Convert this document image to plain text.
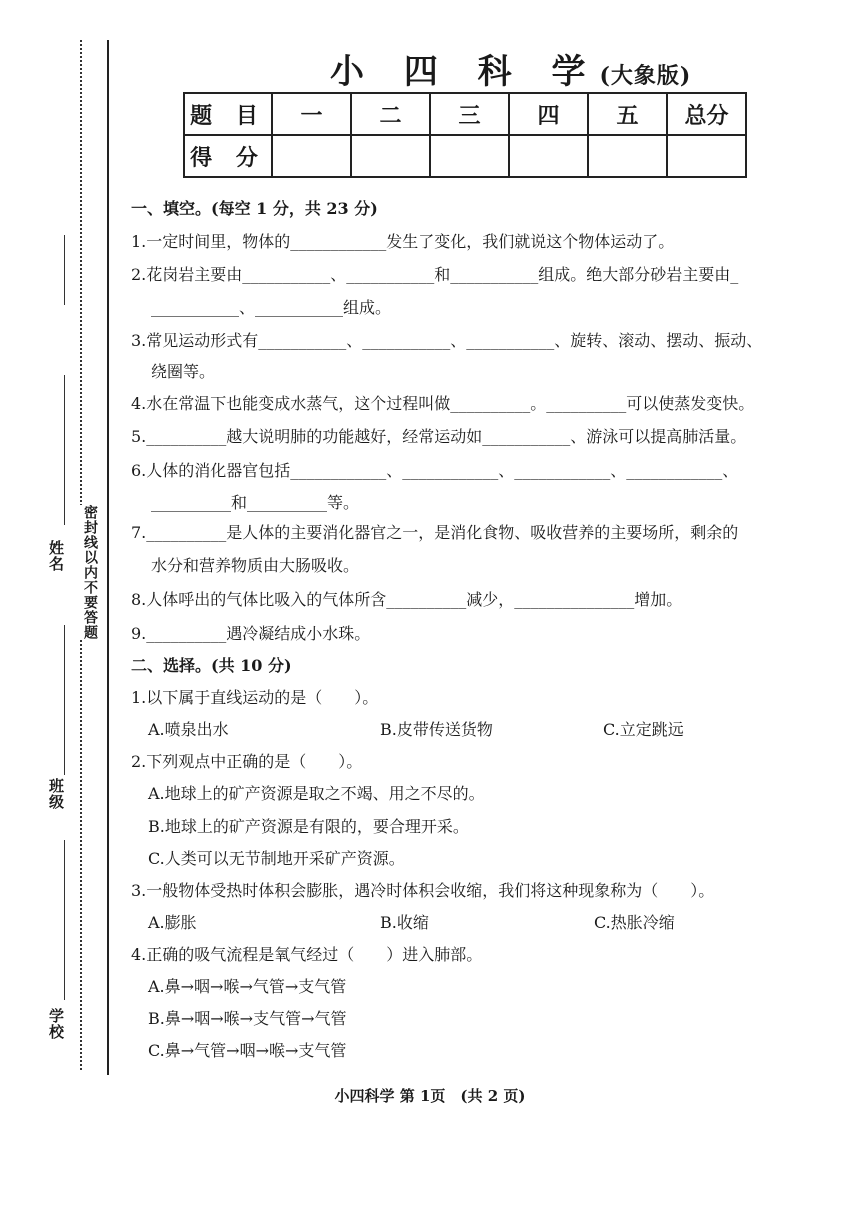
姓名 密封线以内不要答题
班级
学校
小 四 科 学(大象版)
题 目	一	二	三	四	五	总分
得 分						
一、填空。(每空 1 分，共 23 分)
1.一定时间里，物体的____________发生了变化，我们就说这个物体运动了。
2.花岗岩主要由___________、___________和___________组成。绝大部分砂岩主要由_
___________、___________组成。
3.常见运动形式有___________、___________、___________、旋转、滚动、摆动、振动、
绕圈等。
4.水在常温下也能变成水蒸气，这个过程叫做__________。__________可以使蒸发变快。
5.__________越大说明肺的功能越好，经常运动如___________、游泳可以提高肺活量。
6.人体的消化器官包括____________、____________、____________、____________、
__________和__________等。
7.__________是人体的主要消化器官之一，是消化食物、吸收营养的主要场所，剩余的
水分和营养物质由大肠吸收。
8.人体呼出的气体比吸入的气体所含__________减少，_______________增加。
9.__________遇冷凝结成小水珠。
二、选择。(共 10 分)
1.以下属于直线运动的是（　　）。
A.喷泉出水	B.皮带传送货物	C.立定跳远
2.下列观点中正确的是（　　）。
A.地球上的矿产资源是取之不竭、用之不尽的。
B.地球上的矿产资源是有限的，要合理开采。
C.人类可以无节制地开采矿产资源。
3.一般物体受热时体积会膨胀，遇冷时体积会收缩，我们将这种现象称为（　　）。
A.膨胀	B.收缩	C.热胀冷缩
4.正确的吸气流程是氧气经过（　　）进入肺部。
A.鼻→咽→喉→气管→支气管
B.鼻→咽→喉→支气管→气管
C.鼻→气管→咽→喉→支气管
小四科学 第 1页　(共 2 页)
